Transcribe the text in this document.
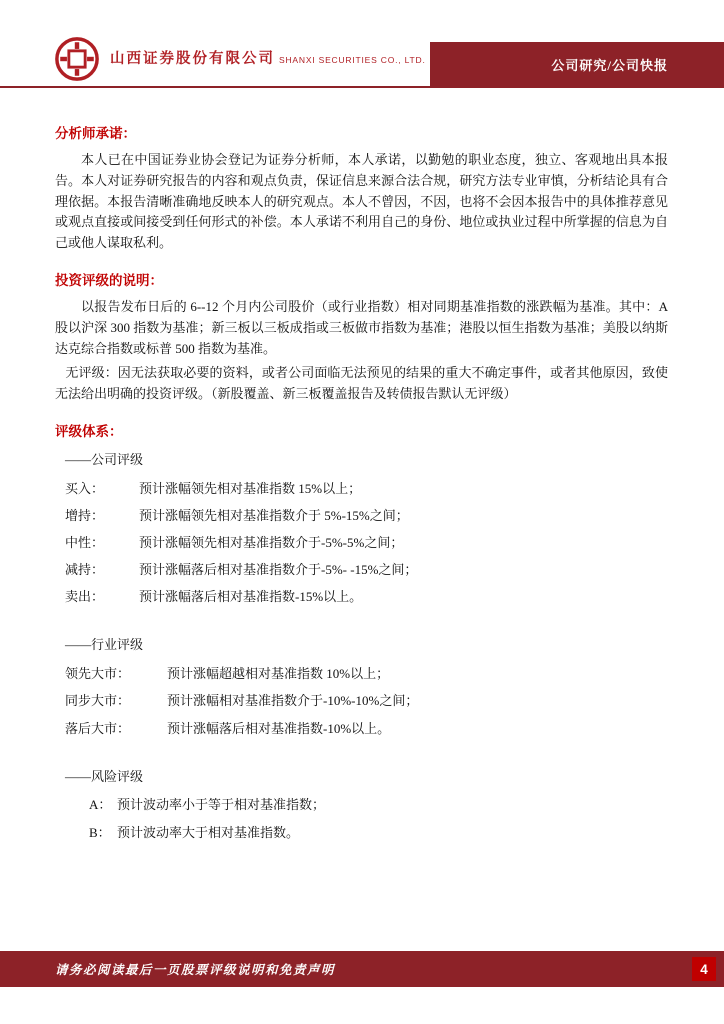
山西证券股份有限公司 SHANXI SECURITIES CO., LTD.	公司研究/公司快报
分析师承诺：

本人已在中国证券业协会登记为证券分析师，本人承诺，以勤勉的职业态度，独立、客观地出具本报告。本人对证券研究报告的内容和观点负责，保证信息来源合法合规，研究方法专业审慎，分析结论具有合理依据。本报告清晰准确地反映本人的研究观点。本人不曾因，不因，也将不会因本报告中的具体推荐意见或观点直接或间接受到任何形式的补偿。本人承诺不利用自己的身份、地位或执业过程中所掌握的信息为自己或他人谋取私利。

投资评级的说明：

以报告发布日后的 6--12 个月内公司股价（或行业指数）相对同期基准指数的涨跌幅为基准。其中：A 股以沪深 300 指数为基准；新三板以三板成指或三板做市指数为基准；港股以恒生指数为基准；美股以纳斯达克综合指数或标普 500 指数为基准。

无评级：因无法获取必要的资料，或者公司面临无法预见的结果的重大不确定事件，或者其他原因，致使无法给出明确的投资评级。（新股覆盖、新三板覆盖报告及转债报告默认无评级）

评级体系：

——公司评级

买入：	预计涨幅领先相对基准指数 15%以上；
增持：	预计涨幅领先相对基准指数介于 5%-15%之间；
中性：	预计涨幅领先相对基准指数介于-5%-5%之间；
减持：	预计涨幅落后相对基准指数介于-5%- -15%之间；
卖出：	预计涨幅落后相对基准指数-15%以上。

——行业评级

领先大市：	预计涨幅超越相对基准指数 10%以上；
同步大市：	预计涨幅相对基准指数介于-10%-10%之间；
落后大市：	预计涨幅落后相对基准指数-10%以上。

——风险评级

A： 预计波动率小于等于相对基准指数；
B： 预计波动率大于相对基准指数。
请务必阅读最后一页股票评级说明和免责声明	4
